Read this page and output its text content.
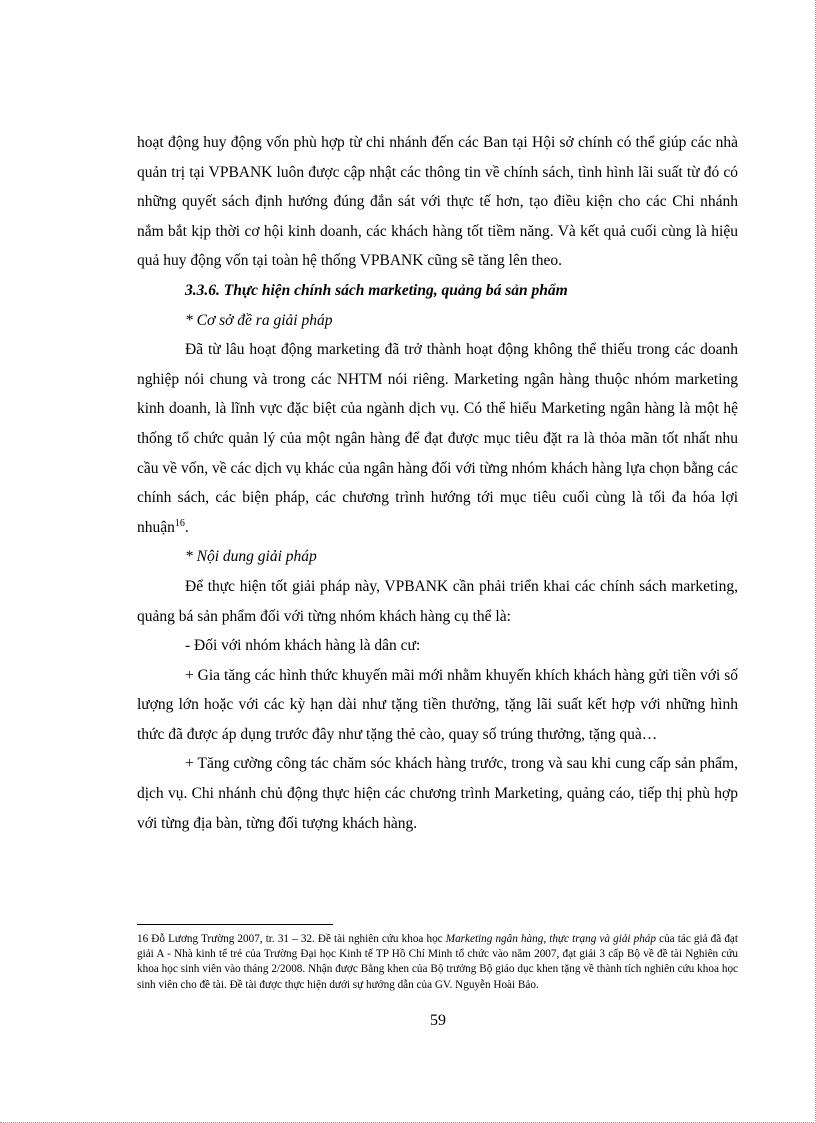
hoạt động huy động vốn phù hợp từ chi nhánh đến các Ban tại Hội sở chính có thể giúp các nhà quản trị tại VPBANK luôn được cập nhật các thông tin về chính sách, tình hình lãi suất từ đó có những quyết sách định hướng đúng đắn sát với thực tế hơn, tạo điều kiện cho các Chi nhánh nắm bắt kịp thời cơ hội kinh doanh, các khách hàng tốt tiềm năng. Và kết quả cuối cùng là hiệu quả huy động vốn tại toàn hệ thống VPBANK cũng sẽ tăng lên theo.

3.3.6. Thực hiện chính sách marketing, quảng bá sản phẩm

* Cơ sở đề ra giải pháp

Đã từ lâu hoạt động marketing đã trở thành hoạt động không thể thiếu trong các doanh nghiệp nói chung và trong các NHTM nói riêng. Marketing ngân hàng thuộc nhóm marketing kinh doanh, là lĩnh vực đặc biệt của ngành dịch vụ. Có thể hiểu Marketing ngân hàng là một hệ thống tổ chức quản lý của một ngân hàng để đạt được mục tiêu đặt ra là thỏa mãn tốt nhất nhu cầu về vốn, về các dịch vụ khác của ngân hàng đối với từng nhóm khách hàng lựa chọn bằng các chính sách, các biện pháp, các chương trình hướng tới mục tiêu cuối cùng là tối đa hóa lợi nhuận$^{16}$.

* Nội dung giải pháp

Để thực hiện tốt giải pháp này, VPBANK cần phải triển khai các chính sách marketing, quảng bá sản phẩm đối với từng nhóm khách hàng cụ thể là:

- Đối với nhóm khách hàng là dân cư:

+ Gia tăng các hình thức khuyến mãi mới nhằm khuyến khích khách hàng gửi tiền với số lượng lớn hoặc với các kỳ hạn dài như tặng tiền thưởng, tặng lãi suất kết hợp với những hình thức đã được áp dụng trước đây như tặng thẻ cào, quay số trúng thưởng, tặng quà…

+ Tăng cường công tác chăm sóc khách hàng trước, trong và sau khi cung cấp sản phẩm, dịch vụ. Chi nhánh chủ động thực hiện các chương trình Marketing, quảng cáo, tiếp thị phù hợp với từng địa bàn, từng đối tượng khách hàng.

16 Đỗ Lương Trường 2007, tr. 31 – 32. Đề tài nghiên cứu khoa học Marketing ngân hàng, thực trạng và giải pháp của tác giả đã đạt giải A - Nhà kinh tế trẻ của Trường Đại học Kinh tế TP Hồ Chí Minh tổ chức vào năm 2007, đạt giải 3 cấp Bộ về đề tài Nghiên cứu khoa học sinh viên vào tháng 2/2008. Nhận được Bằng khen của Bộ trưởng Bộ giáo dục khen tặng về thành tích nghiên cứu khoa học sinh viên cho đề tài. Đề tài được thực hiện dưới sự hướng dẫn của GV. Nguyễn Hoài Bảo.
59
